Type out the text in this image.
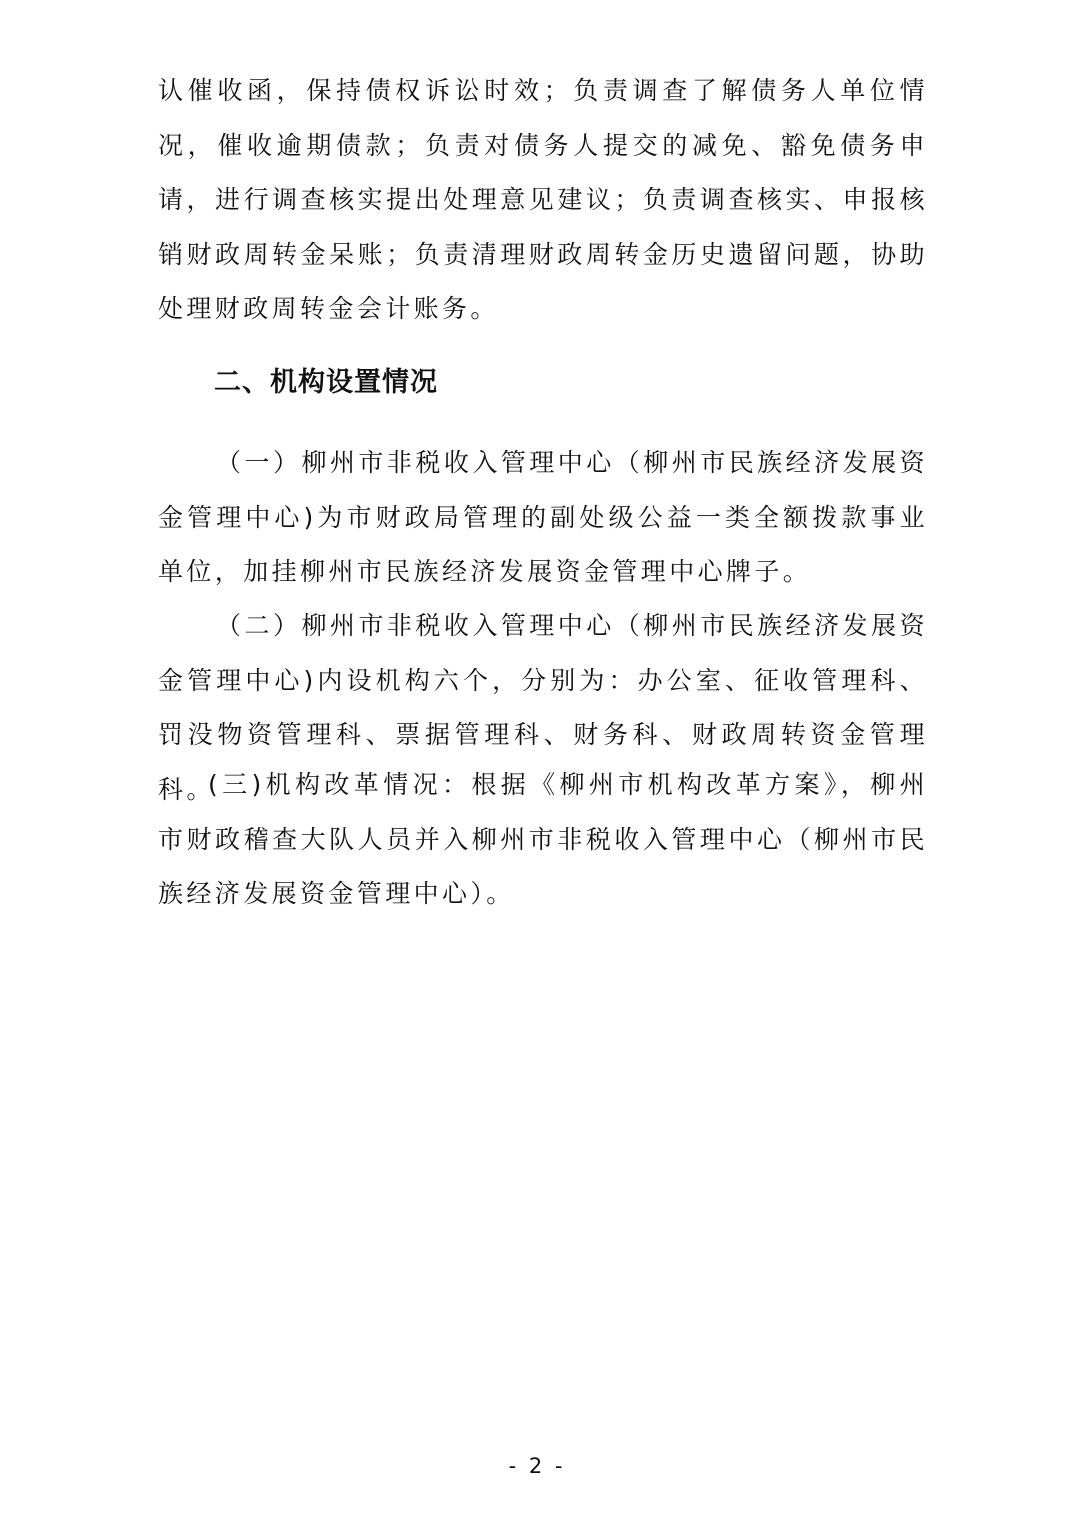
认催收函，保持债权诉讼时效；负责调查了解债务人单位情况，催收逾期债款；负责对债务人提交的减免、豁免债务申请，进行调查核实提出处理意见建议；负责调查核实、申报核销财政周转金呆账；负责清理财政周转金历史遗留问题，协助处理财政周转金会计账务。

二、机构设置情况

（一）柳州市非税收入管理中心（柳州市民族经济发展资金管理中心)为市财政局管理的副处级公益一类全额拨款事业单位，加挂柳州市民族经济发展资金管理中心牌子。

（二）柳州市非税收入管理中心（柳州市民族经济发展资金管理中心)内设机构六个，分别为：办公室、征收管理科、罚没物资管理科、票据管理科、财务科、财政周转资金管理科。

(三)机构改革情况：根据《柳州市机构改革方案》，柳州市财政稽查大队人员并入柳州市非税收入管理中心（柳州市民族经济发展资金管理中心）。

- 2 -
